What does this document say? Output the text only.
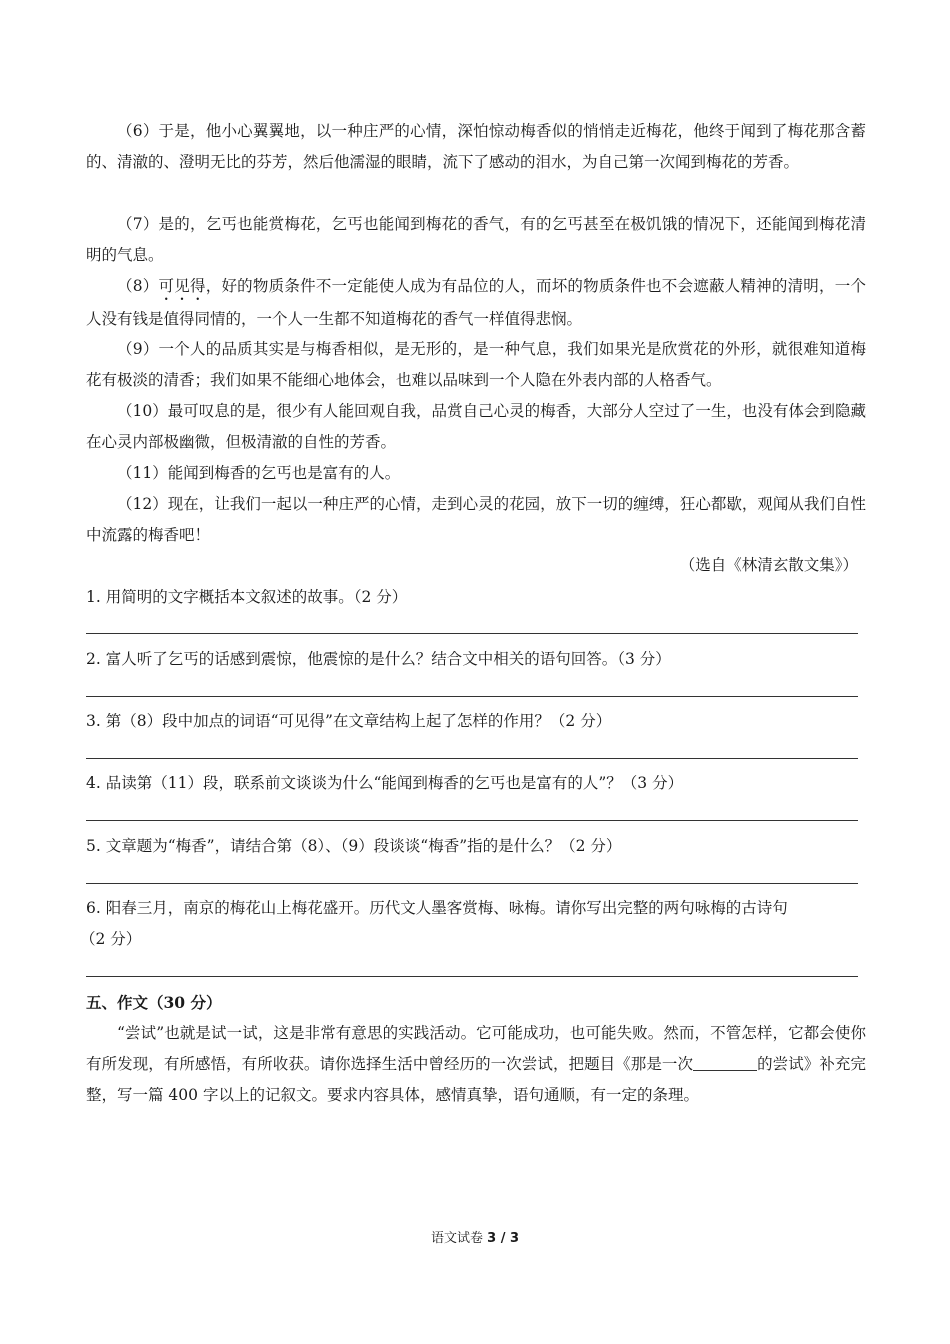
（6）于是，他小心翼翼地，以一种庄严的心情，深怕惊动梅香似的悄悄走近梅花，他终于闻到了梅花那含蓄的、清澈的、澄明无比的芬芳，然后他濡湿的眼睛，流下了感动的泪水，为自己第一次闻到梅花的芳香。

（7）是的，乞丐也能赏梅花，乞丐也能闻到梅花的香气，有的乞丐甚至在极饥饿的情况下，还能闻到梅花清明的气息。

（8）可见得，好的物质条件不一定能使人成为有品位的人，而坏的物质条件也不会遮蔽人精神的清明，一个人没有钱是值得同情的，一个人一生都不知道梅花的香气一样值得悲悯。

（9）一个人的品质其实是与梅香相似，是无形的，是一种气息，我们如果光是欣赏花的外形，就很难知道梅花有极淡的清香；我们如果不能细心地体会，也难以品味到一个人隐在外表内部的人格香气。

（10）最可叹息的是，很少有人能回观自我，品赏自己心灵的梅香，大部分人空过了一生，也没有体会到隐藏在心灵内部极幽微，但极清澈的自性的芳香。

（11）能闻到梅香的乞丐也是富有的人。

（12）现在，让我们一起以一种庄严的心情，走到心灵的花园，放下一切的缠缚，狂心都歇，观闻从我们自性中流露的梅香吧！

（选自《林清玄散文集》）

1. 用简明的文字概括本文叙述的故事。（2 分）

2. 富人听了乞丐的话感到震惊，他震惊的是什么？结合文中相关的语句回答。（3 分）

3. 第（8）段中加点的词语“可见得”在文章结构上起了怎样的作用？（2 分）

4. 品读第（11）段，联系前文谈谈为什么“能闻到梅香的乞丐也是富有的人”？（3 分）

5. 文章题为“梅香”，请结合第（8）、（9）段谈谈“梅香”指的是什么？（2 分）

6. 阳春三月，南京的梅花山上梅花盛开。历代文人墨客赏梅、咏梅。请你写出完整的两句咏梅的古诗句

（2 分）

五、作文（30 分）

“尝试”也就是试一试，这是非常有意思的实践活动。它可能成功，也可能失败。然而，不管怎样，它都会使你有所发现，有所感悟，有所收获。请你选择生活中曾经历的一次尝试，把题目《那是一次	的尝试》补充完整，写一篇 400 字以上的记叙文。要求内容具体，感情真挚，语句通顺，有一定的条理。

语文试卷 3 / 3
